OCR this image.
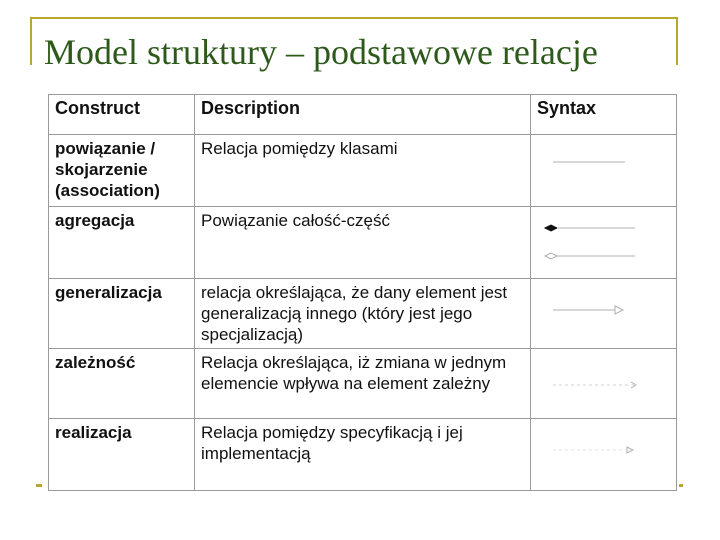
Model struktury – podstawowe relacje
Construct	Description	Syntax
powiązanie / skojarzenie (association)	Relacja pomiędzy klasami	

agregacja	Powiązanie całość-część	

generalizacja	relacja określająca, że dany element jest generalizacją innego (który jest jego specjalizacją)	

zależność	Relacja określająca, iż zmiana w jednym elemencie wpływa na element zależny	

realizacja	Relacja pomiędzy specyfikacją i jej implementacją	
